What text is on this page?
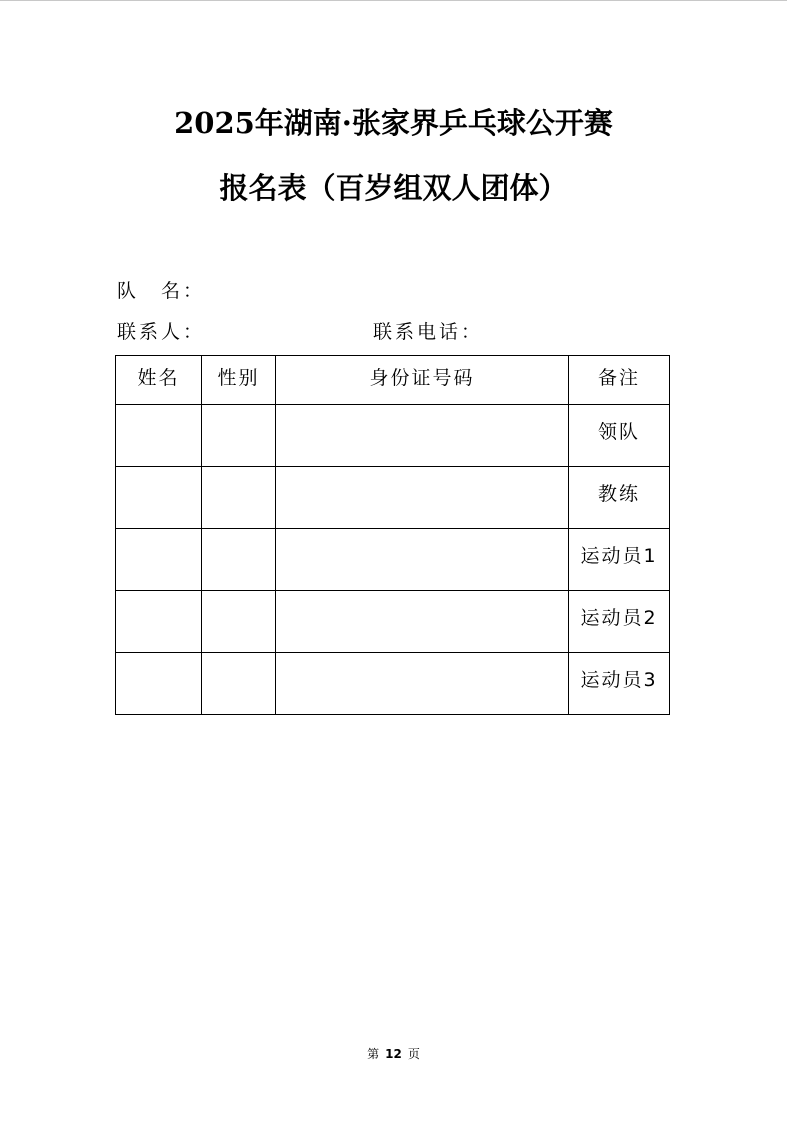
2025年湖南·张家界乒乓球公开赛
报名表（百岁组双人团体）
队 名：
联系人：	联系电话：
姓名	性别	身份证号码	备注
			领队
			教练
			运动员1
			运动员2
			运动员3
第 12 页
